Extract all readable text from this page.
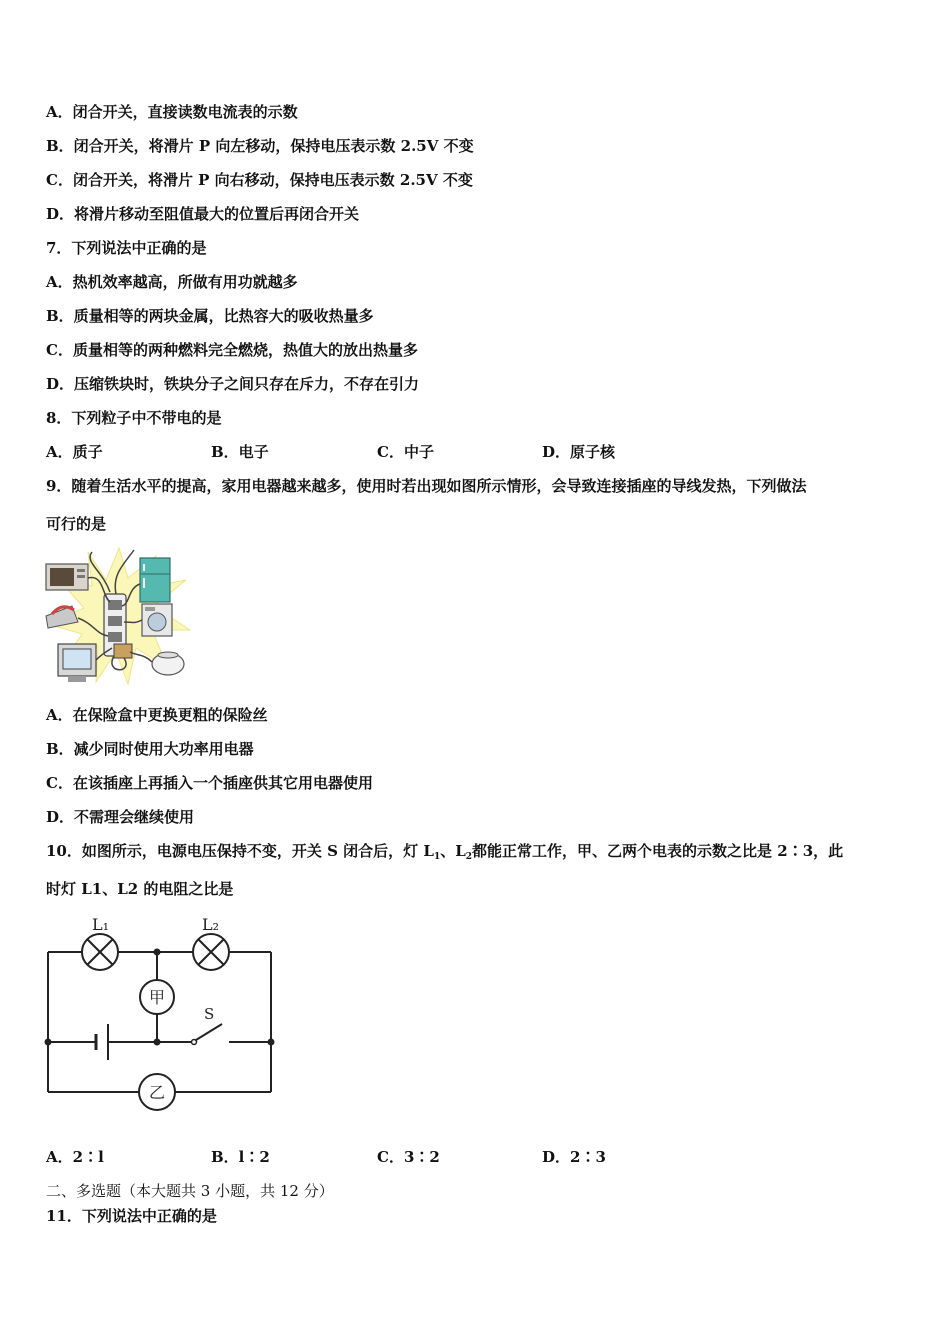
A．闭合开关，直接读数电流表的示数
B．闭合开关，将滑片 P 向左移动，保持电压表示数 2.5V 不变
C．闭合开关，将滑片 P 向右移动，保持电压表示数 2.5V 不变
D．将滑片移动至阻值最大的位置后再闭合开关
7．下列说法中正确的是
A．热机效率越高，所做有用功就越多
B．质量相等的两块金属，比热容大的吸收热量多
C．质量相等的两种燃料完全燃烧，热值大的放出热量多
D．压缩铁块时，铁块分子之间只存在斥力，不存在引力
8．下列粒子中不带电的是
A．质子	B．电子	C．中子	D．原子核
9．随着生活水平的提高，家用电器越来越多，使用时若出现如图所示情形，会导致连接插座的导线发热，下列做法
可行的是
A．在保险盒中更换更粗的保险丝
B．减少同时使用大功率用电器
C．在该插座上再插入一个插座供其它用电器使用
D．不需理会继续使用
10．如图所示，电源电压保持不变，开关 S 闭合后，灯 $L_1$、$L_2$都能正常工作，甲、乙两个电表的示数之比是 2∶3，此
时灯 L1、L2 的电阻之比是
L₁	L₂
甲
S
乙
A．2∶l	B．l∶2	C．3∶2	D．2∶3
二、多选题（本大题共 3 小题，共 12 分）
11．下列说法中正确的是
